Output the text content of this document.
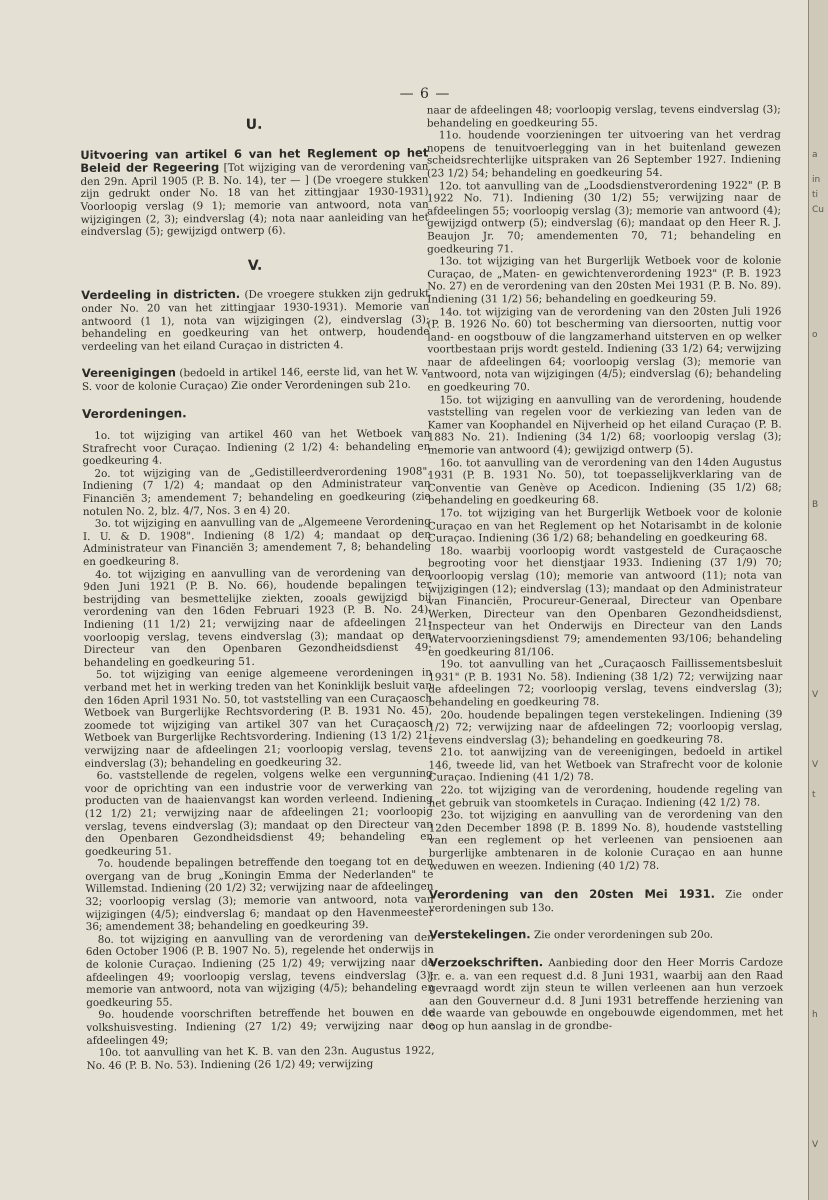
— 6 —
U.

Uitvoering van artikel 6 van het Reglement op het Beleid der Regeering [Tot wijziging van de verordening van den 29n. April 1905 (P. B. No. 14), ter — ] (De vroegere stukken zijn gedrukt onder No. 18 van het zittingjaar 1930-1931) Voorloopig verslag (9 1); memorie van antwoord, nota van wijzigingen (2, 3); eindverslag (4); nota naar aanleiding van het eindverslag (5); gewijzigd ontwerp (6).

V.

Verdeeling in districten. (De vroegere stukken zijn gedrukt onder No. 20 van het zittingjaar 1930-1931). Memorie van antwoord (1 1), nota van wijzigingen (2), eindverslag (3); behandeling en goedkeuring van het ontwerp, houdende verdeeling van het eiland Curaçao in districten 4.

Vereenigingen (bedoeld in artikel 146, eerste lid, van het W. v. S. voor de kolonie Curaçao) Zie onder Verordeningen sub 21o.

Verordeningen.

1o. tot wijziging van artikel 460 van het Wetboek van Strafrecht voor Curaçao. Indiening (2 1/2) 4: behandeling en goedkeuring 4.

2o. tot wijziging van de „Gedistilleerdverordening 1908". Indiening (7 1/2) 4; mandaat op den Administrateur van Financiën 3; amendement 7; behandeling en goedkeuring (zie notulen No. 2, blz. 4/7, Nos. 3 en 4) 20.

3o. tot wijziging en aanvulling van de „Algemeene Verordening I. U. & D. 1908". Indiening (8 1/2) 4; mandaat op den Administrateur van Financiën 3; amendement 7, 8; behandeling en goedkeuring 8.

4o. tot wijziging en aanvulling van de verordening van den 9den Juni 1921 (P. B. No. 66), houdende bepalingen ter bestrijding van besmettelijke ziekten, zooals gewijzigd bij verordening van den 16den Februari 1923 (P. B. No. 24). Indiening (11 1/2) 21; verwijzing naar de afdeelingen 21; voorloopig verslag, tevens eindverslag (3); mandaat op den Directeur van den Openbaren Gezondheidsdienst 49; behandeling en goedkeuring 51.

5o. tot wijziging van eenige algemeene verordeningen in verband met het in werking treden van het Koninklijk besluit van den 16den April 1931 No. 50, tot vaststelling van een Curaçaosch Wetboek van Burgerlijke Rechtsvordering (P. B. 1931 No. 45), zoomede tot wijziging van artikel 307 van het Curaçaosch Wetboek van Burgerlijke Rechtsvordering. Indiening (13 1/2) 21; verwijzing naar de afdeelingen 21; voorloopig verslag, tevens eindverslag (3); behandeling en goedkeuring 32.

6o. vaststellende de regelen, volgens welke een vergunning voor de oprichting van een industrie voor de verwerking van producten van de haaienvangst kan worden verleend. Indiening (12 1/2) 21; verwijzing naar de afdeelingen 21; voorloopig verslag, tevens eindverslag (3); mandaat op den Directeur van den Openbaren Gezondheidsdienst 49; behandeling en goedkeuring 51.

7o. houdende bepalingen betreffende den toegang tot en den overgang van de brug „Koningin Emma der Nederlanden" te Willemstad. Indiening (20 1/2) 32; verwijzing naar de afdeelingen 32; voorloopig verslag (3); memorie van antwoord, nota van wijzigingen (4/5); eindverslag 6; mandaat op den Havenmeester 36; amendement 38; behandeling en goedkeuring 39.

8o. tot wijziging en aanvulling van de verordening van den 6den October 1906 (P. B. 1907 No. 5), regelende het onderwijs in de kolonie Curaçao. Indiening (25 1/2) 49; verwijzing naar de afdeelingen 49; voorloopig verslag, tevens eindverslag (3); memorie van antwoord, nota van wijziging (4/5); behandeling en goedkeuring 55.

9o. houdende voorschriften betreffende het bouwen en de volkshuisvesting. Indiening (27 1/2) 49; verwijzing naar de afdeelingen 49;

10o. tot aanvulling van het K. B. van den 23n. Augustus 1922, No. 46 (P. B. No. 53). Indiening (26 1/2) 49; verwijzing

naar de afdeelingen 48; voorloopig verslag, tevens eindverslag (3); behandeling en goedkeuring 55.

11o. houdende voorzieningen ter uitvoering van het verdrag nopens de tenuitvoerlegging van in het buitenland gewezen scheidsrechterlijke uitspraken van 26 September 1927. Indiening (23 1/2) 54; behandeling en goedkeuring 54.

12o. tot aanvulling van de „Loodsdienstverordening 1922" (P. B 1922 No. 71). Indiening (30 1/2) 55; verwijzing naar de afdeelingen 55; voorloopig verslag (3); memorie van antwoord (4); gewijzigd ontwerp (5); eindverslag (6); mandaat op den Heer R. J. Beaujon Jr. 70; amendementen 70, 71; behandeling en goedkeuring 71.

13o. tot wijziging van het Burgerlijk Wetboek voor de kolonie Curaçao, de „Maten- en gewichtenverordening 1923" (P. B. 1923 No. 27) en de verordening van den 20sten Mei 1931 (P. B. No. 89). Indiening (31 1/2) 56; behandeling en goedkeuring 59.

14o. tot wijziging van de verordening van den 20sten Juli 1926 (P. B. 1926 No. 60) tot bescherming van diersoorten, nuttig voor land- en oogstbouw of die langzamerhand uitsterven en op welker voortbestaan prijs wordt gesteld. Indiening (33 1/2) 64; verwijzing naar de afdeelingen 64; voorloopig verslag (3); memorie van antwoord, nota van wijzigingen (4/5); eindverslag (6); behandeling en goedkeuring 70.

15o. tot wijziging en aanvulling van de verordening, houdende vaststelling van regelen voor de verkiezing van leden van de Kamer van Koophandel en Nijverheid op het eiland Curaçao (P. B. 1883 No. 21). Indiening (34 1/2) 68; voorloopig verslag (3); memorie van antwoord (4); gewijzigd ontwerp (5).

16o. tot aanvulling van de verordening van den 14den Augustus 1931 (P. B. 1931 No. 50), tot toepasselijkverklaring van de Conventie van Genève op Acedicon. Indiening (35 1/2) 68; behandeling en goedkeuring 68.

17o. tot wijziging van het Burgerlijk Wetboek voor de kolonie Curaçao en van het Reglement op het Notarisambt in de kolonie Curaçao. Indiening (36 1/2) 68; behandeling en goedkeuring 68.

18o. waarbij voorloopig wordt vastgesteld de Curaçaosche begrooting voor het dienstjaar 1933. Indiening (37 1/9) 70; voorloopig verslag (10); memorie van antwoord (11); nota van wijzigingen (12); eindverslag (13); mandaat op den Administrateur van Financiën, Procureur-Generaal, Directeur van Openbare Werken, Directeur van den Openbaren Gezondheidsdienst, Inspecteur van het Onderwijs en Directeur van den Lands Watervoorzieningsdienst 79; amendementen 93/106; behandeling en goedkeuring 81/106.

19o. tot aanvulling van het „Curaçaosch Faillissementsbesluit 1931" (P. B. 1931 No. 58). Indiening (38 1/2) 72; verwijzing naar de afdeelingen 72; voorloopig verslag, tevens eindverslag (3); behandeling en goedkeuring 78.

20o. houdende bepalingen tegen verstekelingen. Indiening (39 1/2) 72; verwijzing naar de afdeelingen 72; voorloopig verslag, tevens eindverslag (3); behandeling en goedkeuring 78.

21o. tot aanwijzing van de vereenigingen, bedoeld in artikel 146, tweede lid, van het Wetboek van Strafrecht voor de kolonie Curaçao. Indiening (41 1/2) 78.

22o. tot wijziging van de verordening, houdende regeling van het gebruik van stoomketels in Curaçao. Indiening (42 1/2) 78.

23o. tot wijziging en aanvulling van de verordening van den 12den December 1898 (P. B. 1899 No. 8), houdende vaststelling van een reglement op het verleenen van pensioenen aan burgerlijke ambtenaren in de kolonie Curaçao en aan hunne weduwen en weezen. Indiening (40 1/2) 78.

Verordening van den 20sten Mei 1931. Zie onder verordeningen sub 13o.

Verstekelingen. Zie onder verordeningen sub 20o.

Verzoekschriften. Aanbieding door den Heer Morris Cardoze Jr. e. a. van een request d.d. 8 Juni 1931, waarbij aan den Raad gevraagd wordt zijn steun te willen verleenen aan hun verzoek aan den Gouverneur d.d. 8 Juni 1931 betreffende herziening van de waarde van gebouwde en ongebouwde eigendommen, met het oog op hun aanslag in de grondbe-

a
in
ti
Cu
o
B
V
V
t
h
V
